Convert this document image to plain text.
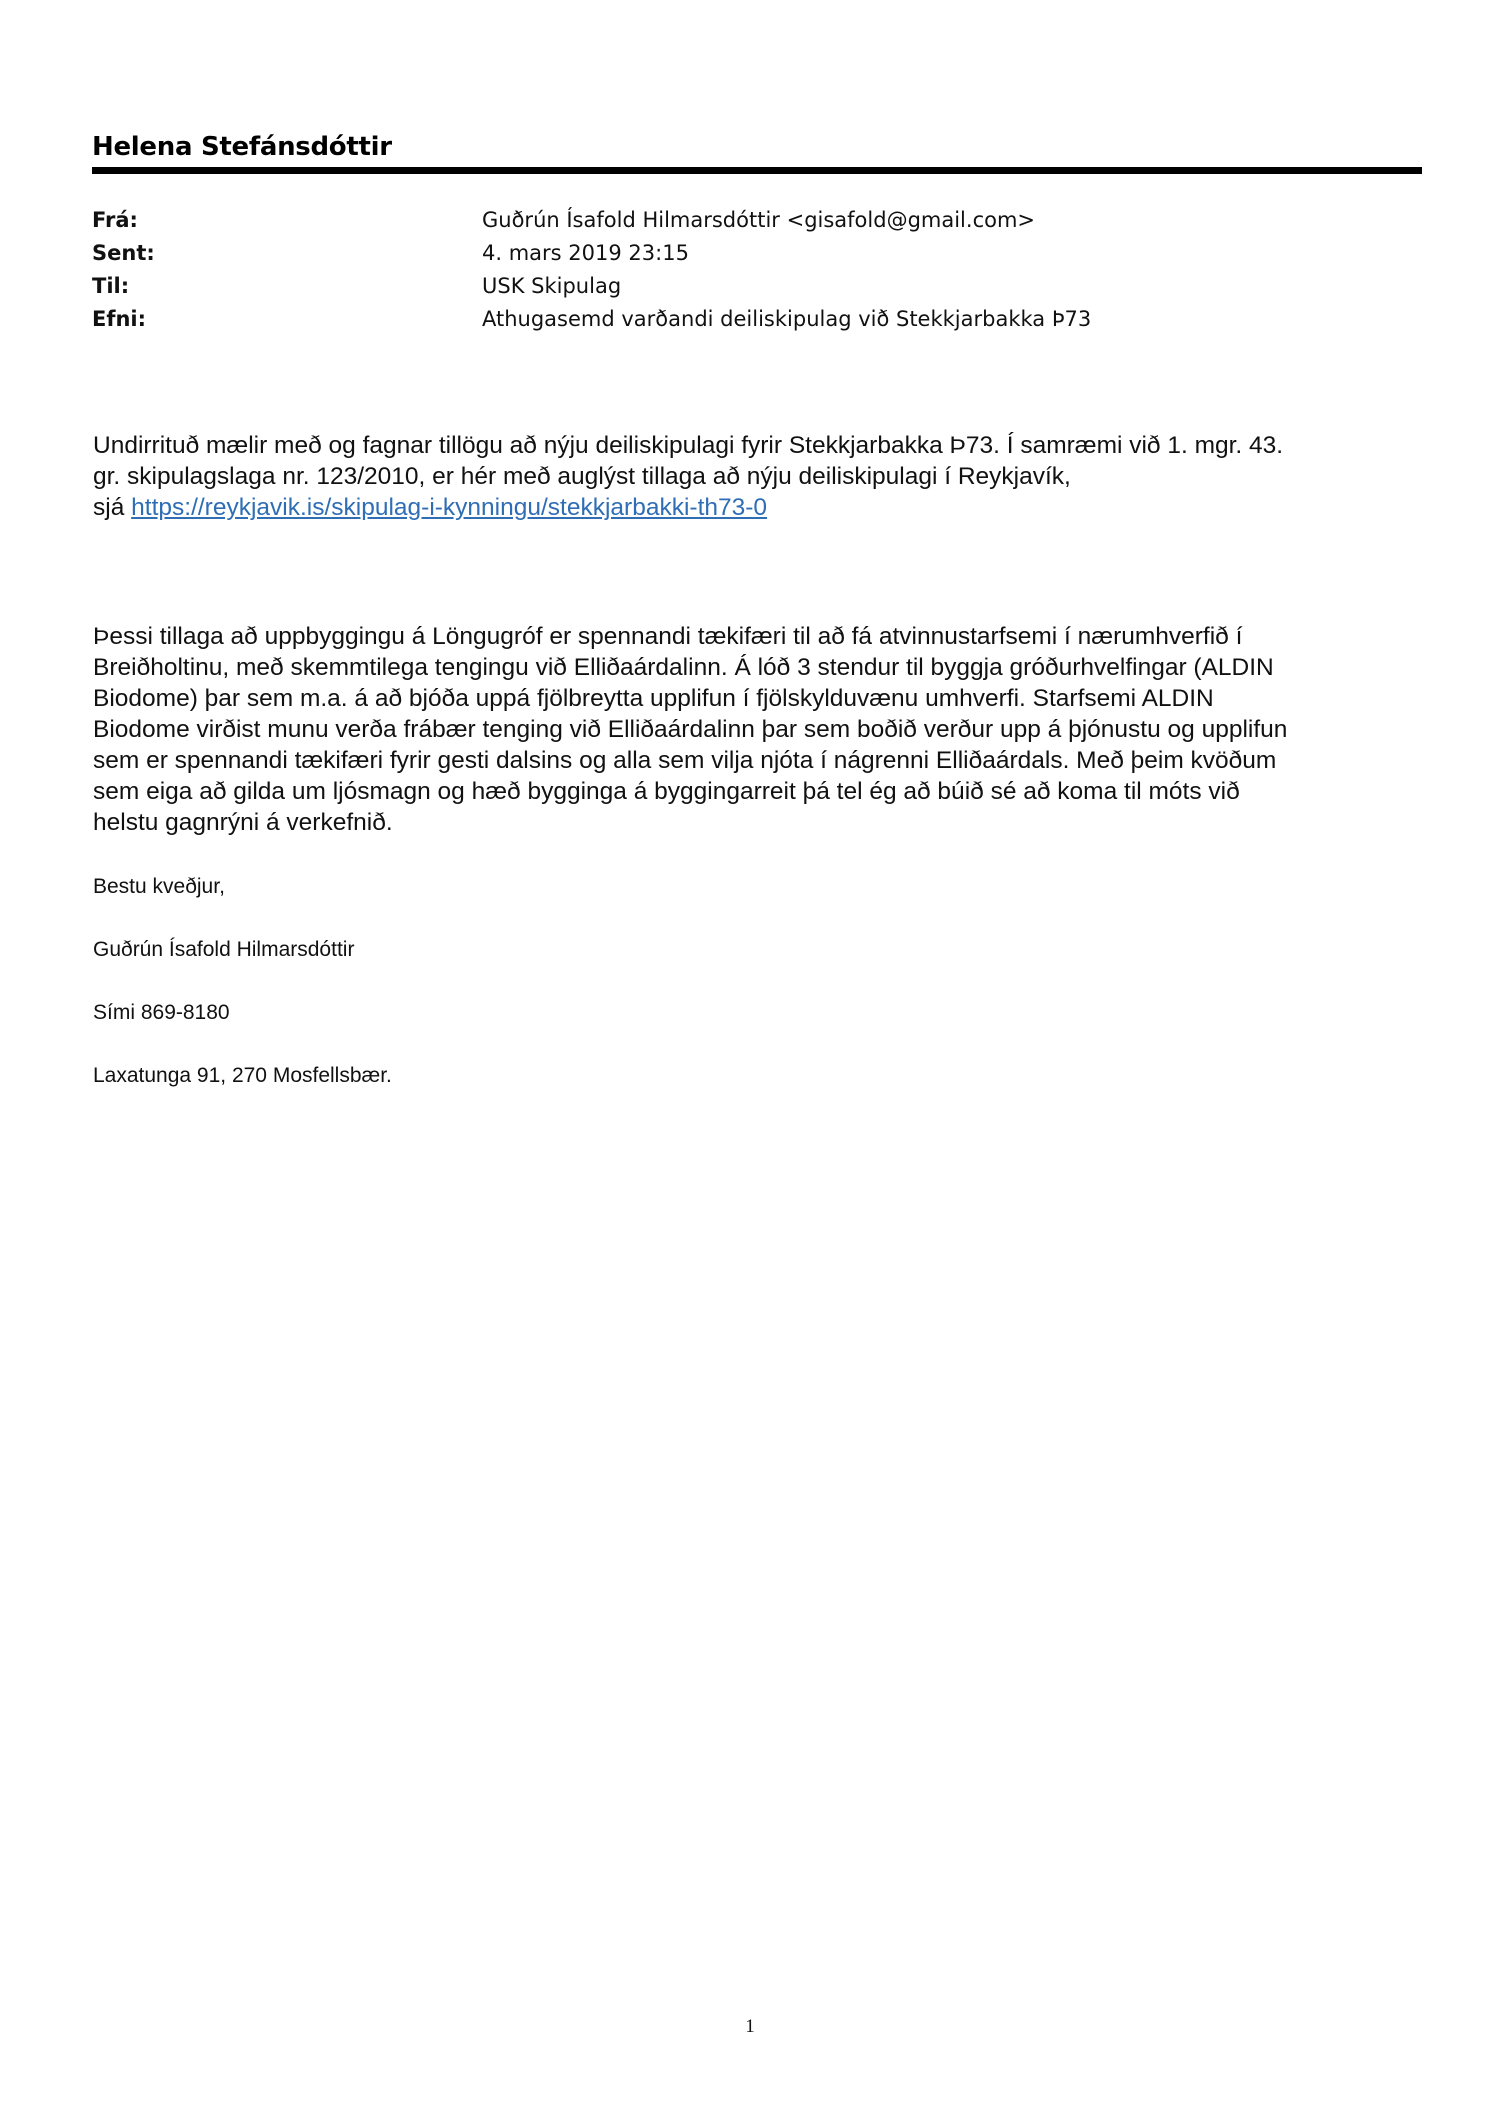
Helena Stefánsdóttir
Frá:	Guðrún Ísafold Hilmarsdóttir <gisafold@gmail.com>
Sent:	4. mars 2019 23:15
Til:	USK Skipulag
Efni:	Athugasemd varðandi deiliskipulag við Stekkjarbakka Þ73
Undirrituð mælir með og fagnar tillögu að nýju deiliskipulagi fyrir Stekkjarbakka Þ73. Í samræmi við 1. mgr. 43.
gr. skipulagslaga nr. 123/2010, er hér með auglýst tillaga að nýju deiliskipulagi í Reykjavík,
sjá https://reykjavik.is/skipulag-i-kynningu/stekkjarbakki-th73-0
Þessi tillaga að uppbyggingu á Löngugróf er spennandi tækifæri til að fá atvinnustarfsemi í nærumhverfið í
Breiðholtinu, með skemmtilega tengingu við Elliðaárdalinn. Á lóð 3 stendur til byggja gróðurhvelfingar (ALDIN
Biodome) þar sem m.a. á að bjóða uppá fjölbreytta upplifun í fjölskylduvænu umhverfi. Starfsemi ALDIN
Biodome virðist munu verða frábær tenging við Elliðaárdalinn þar sem boðið verður upp á þjónustu og upplifun
sem er spennandi tækifæri fyrir gesti dalsins og alla sem vilja njóta í nágrenni Elliðaárdals. Með þeim kvöðum
sem eiga að gilda um ljósmagn og hæð bygginga á byggingarreit þá tel ég að búið sé að koma til móts við
helstu gagnrýni á verkefnið.
Bestu kveðjur,
Guðrún Ísafold Hilmarsdóttir
Sími 869-8180
Laxatunga 91, 270 Mosfellsbær.
1
